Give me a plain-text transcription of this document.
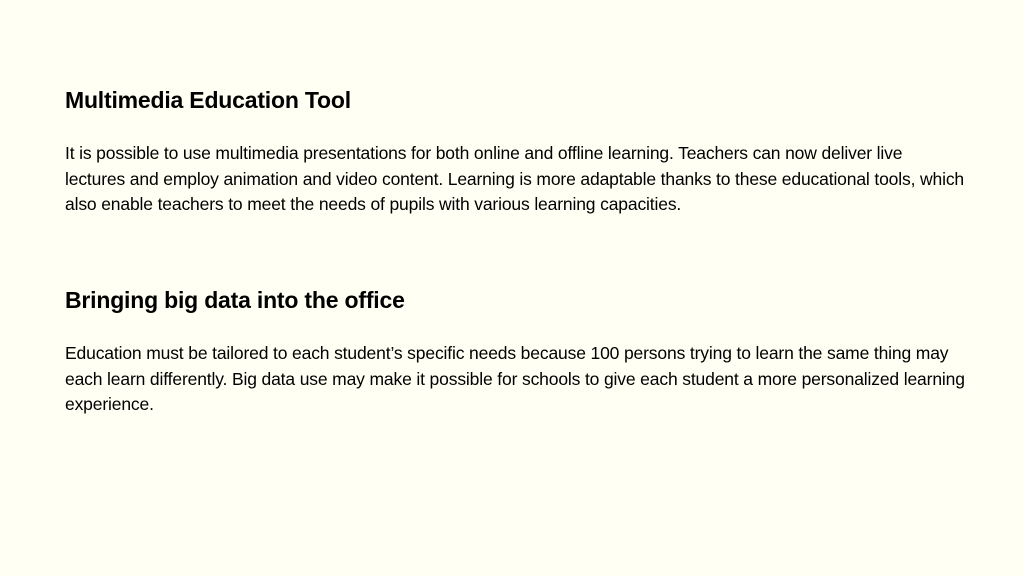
Multimedia Education Tool

It is possible to use multimedia presentations for both online and offline learning. Teachers can now deliver live lectures and employ animation and video content. Learning is more adaptable thanks to these educational tools, which also enable teachers to meet the needs of pupils with various learning capacities.

Bringing big data into the office

Education must be tailored to each student’s specific needs because 100 persons trying to learn the same thing may each learn differently. Big data use may make it possible for schools to give each student a more personalized learning experience.
